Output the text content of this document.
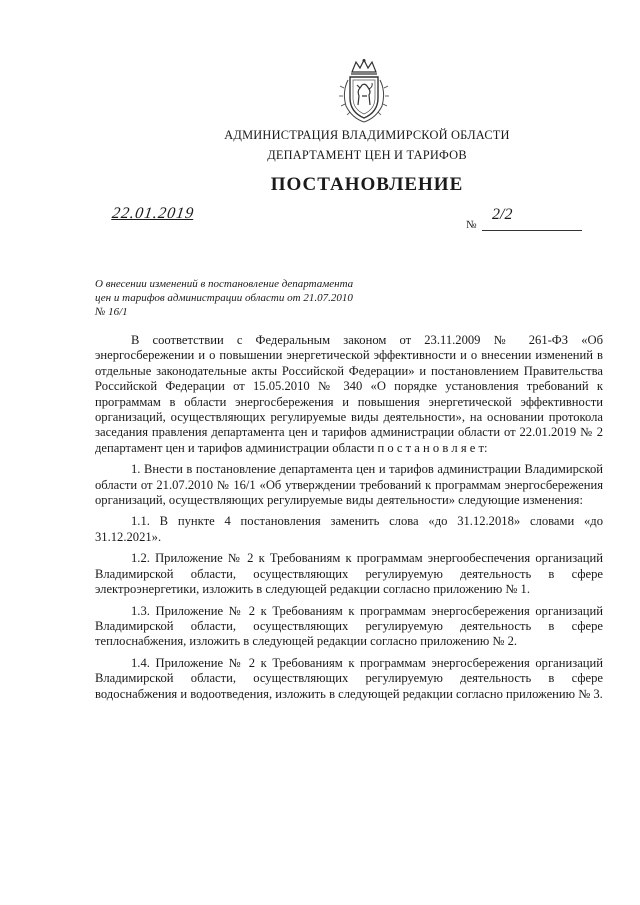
АДМИНИСТРАЦИЯ ВЛАДИМИРСКОЙ ОБЛАСТИ
ДЕПАРТАМЕНТ ЦЕН И ТАРИФОВ
ПОСТАНОВЛЕНИЕ
22.01.2019
№
2/2
О внесении изменений в постановление департамента цен и тарифов администрации области от 21.07.2010 № 16/1

В соответствии с Федеральным законом от 23.11.2009 № 261-ФЗ «Об энергосбережении и о повышении энергетической эффективности и о внесении изменений в отдельные законодательные акты Российской Федерации» и постановлением Правительства Российской Федерации от 15.05.2010 № 340 «О порядке установления требований к программам в области энергосбережения и повышения энергетической эффективности организаций, осуществляющих регулируемые виды деятельности», на основании протокола заседания правления департамента цен и тарифов администрации области от 22.01.2019 № 2 департамент цен и тарифов администрации области п о с т а н о в л я е т:

1. Внести в постановление департамента цен и тарифов администрации Владимирской области от 21.07.2010 № 16/1 «Об утверждении требований к программам энергосбережения организаций, осуществляющих регулируемые виды деятельности» следующие изменения:

1.1. В пункте 4 постановления заменить слова «до 31.12.2018» словами «до 31.12.2021».

1.2. Приложение № 2 к Требованиям к программам энергообеспечения организаций Владимирской области, осуществляющих регулируемую деятельность в сфере электроэнергетики, изложить в следующей редакции согласно приложению № 1.

1.3. Приложение № 2 к Требованиям к программам энергосбережения организаций Владимирской области, осуществляющих регулируемую деятельность в сфере теплоснабжения, изложить в следующей редакции согласно приложению № 2.

1.4. Приложение № 2 к Требованиям к программам энергосбережения организаций Владимирской области, осуществляющих регулируемую деятельность в сфере водоснабжения и водоотведения, изложить в следующей редакции согласно приложению № 3.
